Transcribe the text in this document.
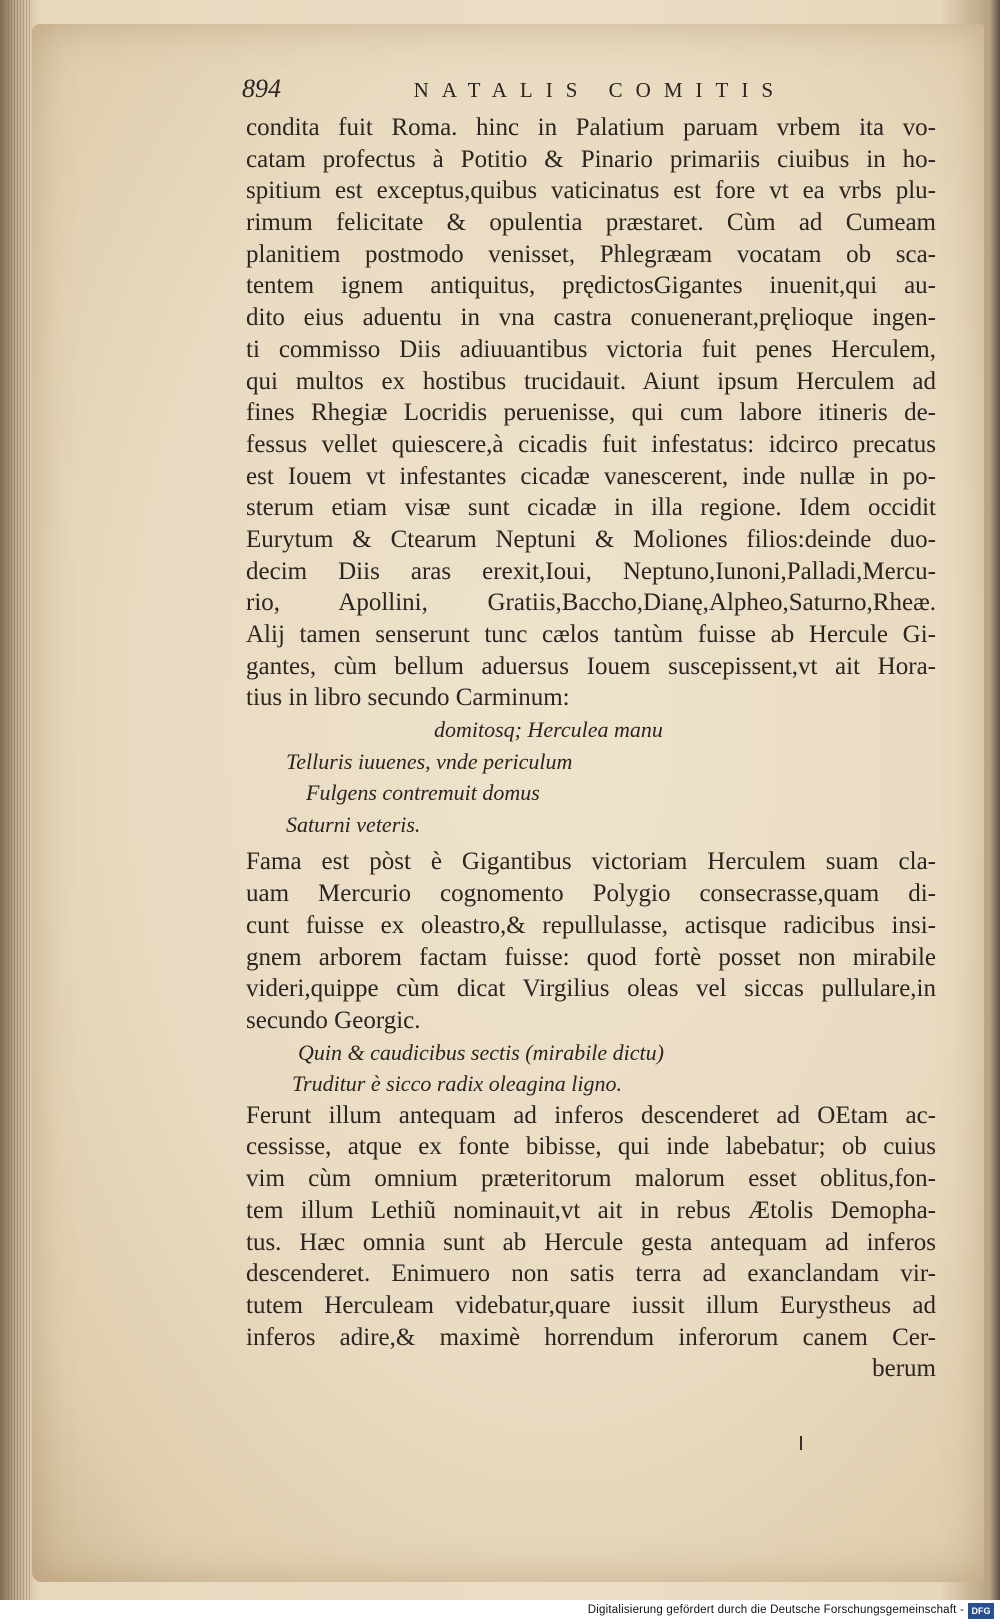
894	NATALIS COMITIS
condita fuit Roma. hinc in Palatium paruam vrbem ita vo-
catam profectus à Potitio & Pinario primariis ciuibus in ho-
spitium est exceptus,quibus vaticinatus est fore vt ea vrbs plu-
rimum felicitate & opulentia præstaret. Cùm ad Cumeam
planitiem postmodo venisset, Phlegræam vocatam ob sca-
tentem ignem antiquitus, prędictosGigantes inuenit,qui au-
dito eius aduentu in vna castra conuenerant,pręlioque ingen-
ti commisso Diis adiuuantibus victoria fuit penes Herculem,
qui multos ex hostibus trucidauit. Aiunt ipsum Herculem ad
fines Rhegiæ Locridis peruenisse, qui cum labore itineris de-
fessus vellet quiescere,à cicadis fuit infestatus: idcirco precatus
est Iouem vt infestantes cicadæ vanescerent, inde nullæ in po-
sterum etiam visæ sunt cicadæ in illa regione. Idem occidit
Eurytum & Ctearum Neptuni & Moliones filios:deinde duo-
decim Diis aras erexit,Ioui, Neptuno,Iunoni,Palladi,Mercu-
rio, Apollini, Gratiis,Baccho,Dianę,Alpheo,Saturno,Rheæ.
Alij tamen senserunt tunc cælos tantùm fuisse ab Hercule Gi-
gantes, cùm bellum aduersus Iouem suscepissent,vt ait Hora-
tius in libro secundo Carminum:
domitosq; Herculea manu
Telluris iuuenes, vnde periculum
Fulgens contremuit domus
Saturni veteris.
Fama est pòst è Gigantibus victoriam Herculem suam cla-
uam Mercurio cognomento Polygio consecrasse,quam di-
cunt fuisse ex oleastro,& repullulasse, actisque radicibus insi-
gnem arborem factam fuisse: quod fortè posset non mirabile
videri,quippe cùm dicat Virgilius oleas vel siccas pullulare,in
secundo Georgic.
Quin & caudicibus sectis (mirabile dictu)
Truditur è sicco radix oleagina ligno.
Ferunt illum antequam ad inferos descenderet ad OEtam ac-
cessisse, atque ex fonte bibisse, qui inde labebatur; ob cuius
vim cùm omnium præteritorum malorum esset oblitus,fon-
tem illum Lethiũ nominauit,vt ait in rebus Ætolis Demopha-
tus. Hæc omnia sunt ab Hercule gesta antequam ad inferos
descenderet. Enimuero non satis terra ad exanclandam vir-
tutem Herculeam videbatur,quare iussit illum Eurystheus ad
inferos adire,& maximè horrendum inferorum canem Cer-
berum
Digitalisierung gefördert durch die Deutsche Forschungsgemeinschaft - DFG
